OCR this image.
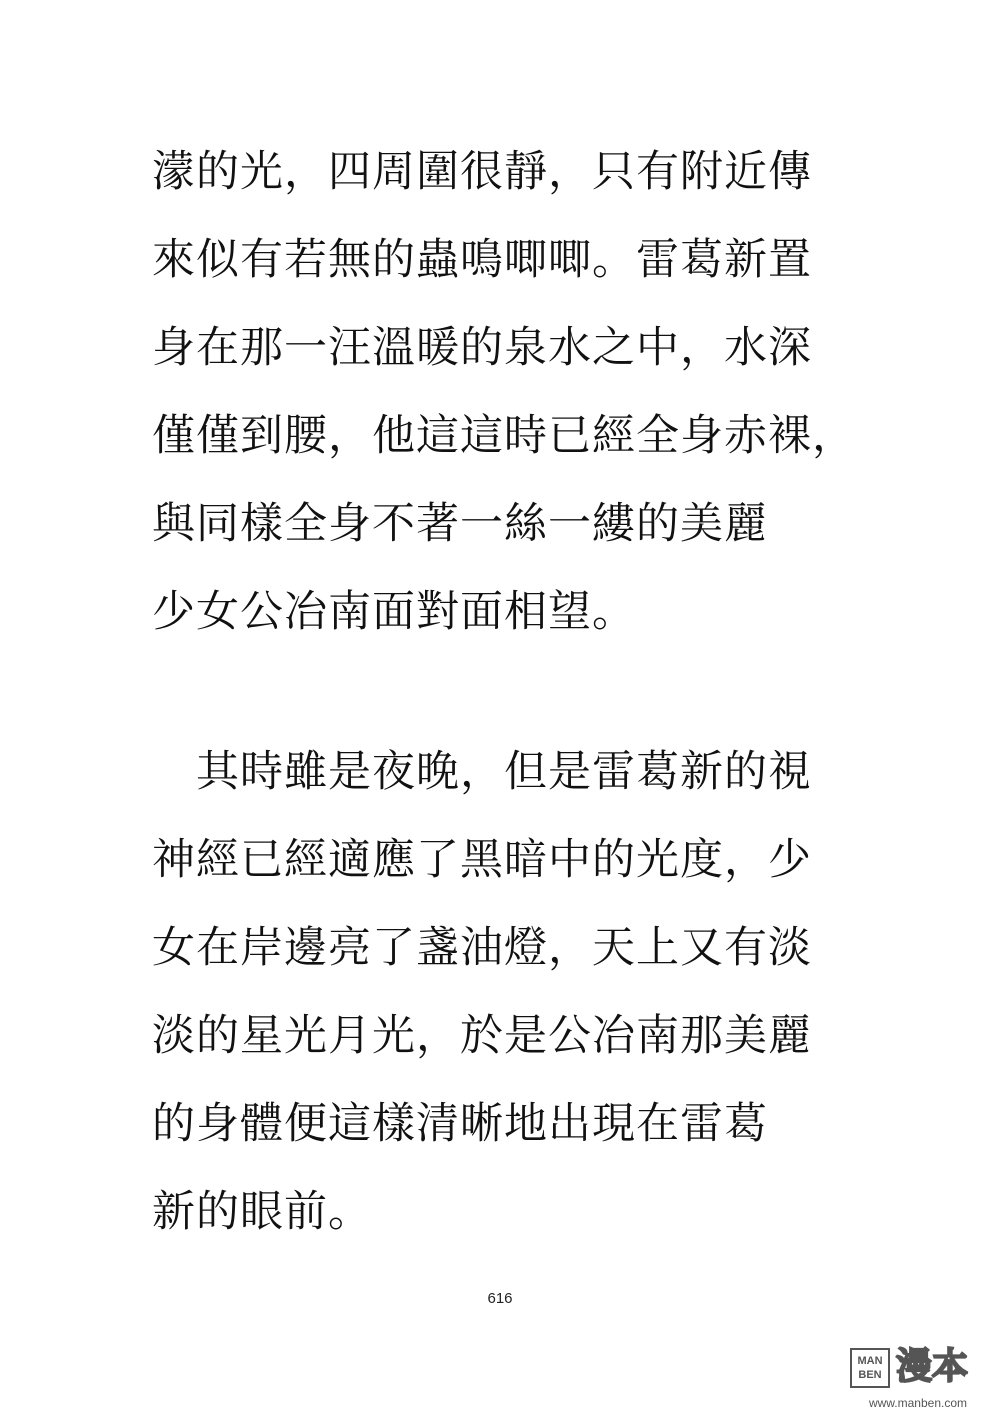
濛的光，四周圍很靜，只有附近傳
來似有若無的蟲鳴唧唧。雷葛新置
身在那一汪溫暖的泉水之中，水深
僅僅到腰，他這這時已經全身赤裸，
與同樣全身不著一絲一縷的美麗
少女公冶南面對面相望。
　其時雖是夜晚，但是雷葛新的視
神經已經適應了黑暗中的光度，少
女在岸邊亮了盞油燈，天上又有淡
淡的星光月光，於是公冶南那美麗
的身體便這樣清晰地出現在雷葛
新的眼前。
616
MAN
BEN 漫本
www.manben.com
